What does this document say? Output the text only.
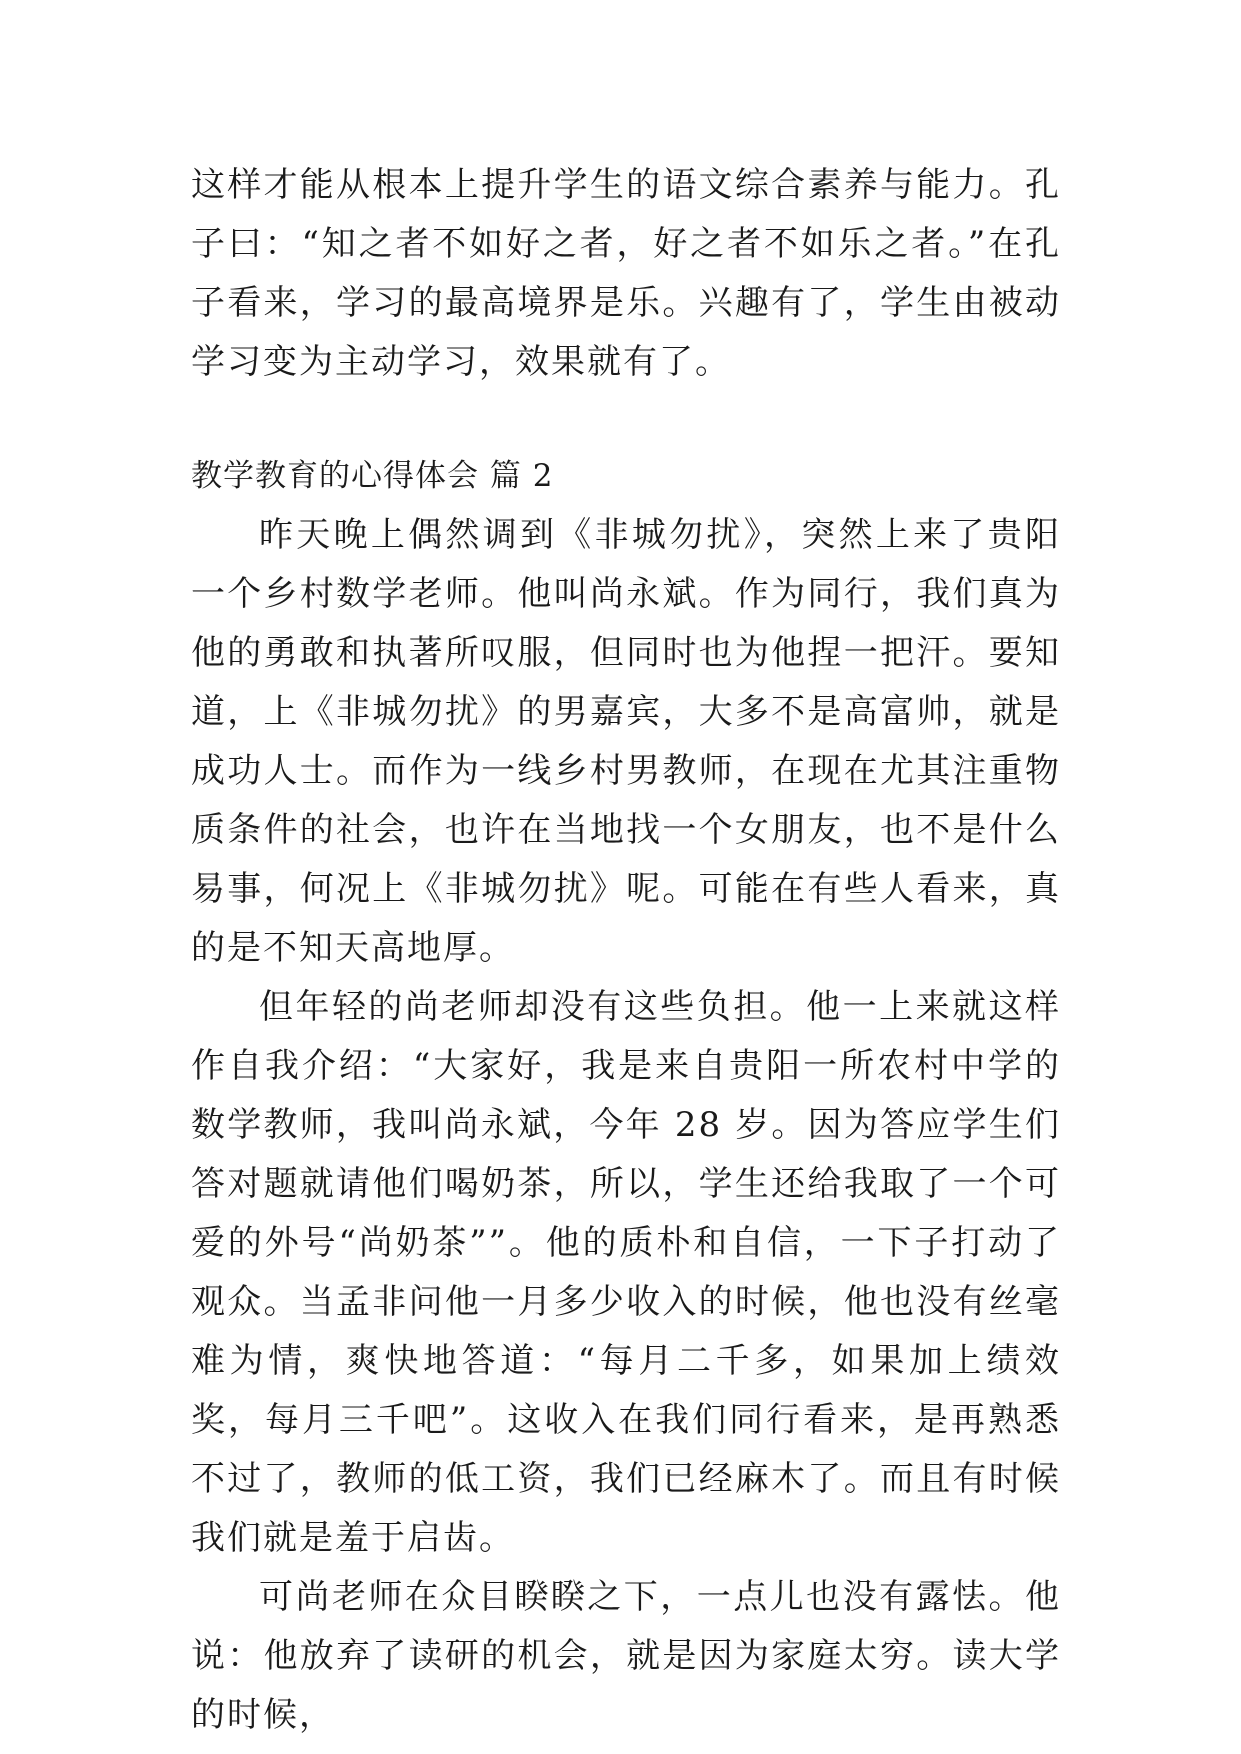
这样才能从根本上提升学生的语文综合素养与能力。孔子曰：“知之者不如好之者，好之者不如乐之者。”在孔子看来，学习的最高境界是乐。兴趣有了，学生由被动学习变为主动学习，效果就有了。

教学教育的心得体会 篇 2

昨天晚上偶然调到《非城勿扰》，突然上来了贵阳一个乡村数学老师。他叫尚永斌。作为同行，我们真为他的勇敢和执著所叹服，但同时也为他捏一把汗。要知道，上《非城勿扰》的男嘉宾，大多不是高富帅，就是成功人士。而作为一线乡村男教师，在现在尤其注重物质条件的社会，也许在当地找一个女朋友，也不是什么易事，何况上《非城勿扰》呢。可能在有些人看来，真的是不知天高地厚。

但年轻的尚老师却没有这些负担。他一上来就这样作自我介绍：“大家好，我是来自贵阳一所农村中学的数学教师，我叫尚永斌，今年 28 岁。因为答应学生们答对题就请他们喝奶茶，所以，学生还给我取了一个可爱的外号“尚奶茶””。他的质朴和自信，一下子打动了观众。当孟非问他一月多少收入的时候，他也没有丝毫难为情，爽快地答道：“每月二千多，如果加上绩效奖，每月三千吧”。这收入在我们同行看来，是再熟悉不过了，教师的低工资，我们已经麻木了。而且有时候我们就是羞于启齿。

可尚老师在众目睽睽之下，一点儿也没有露怯。他说：他放弃了读研的机会，就是因为家庭太穷。读大学的时候，
